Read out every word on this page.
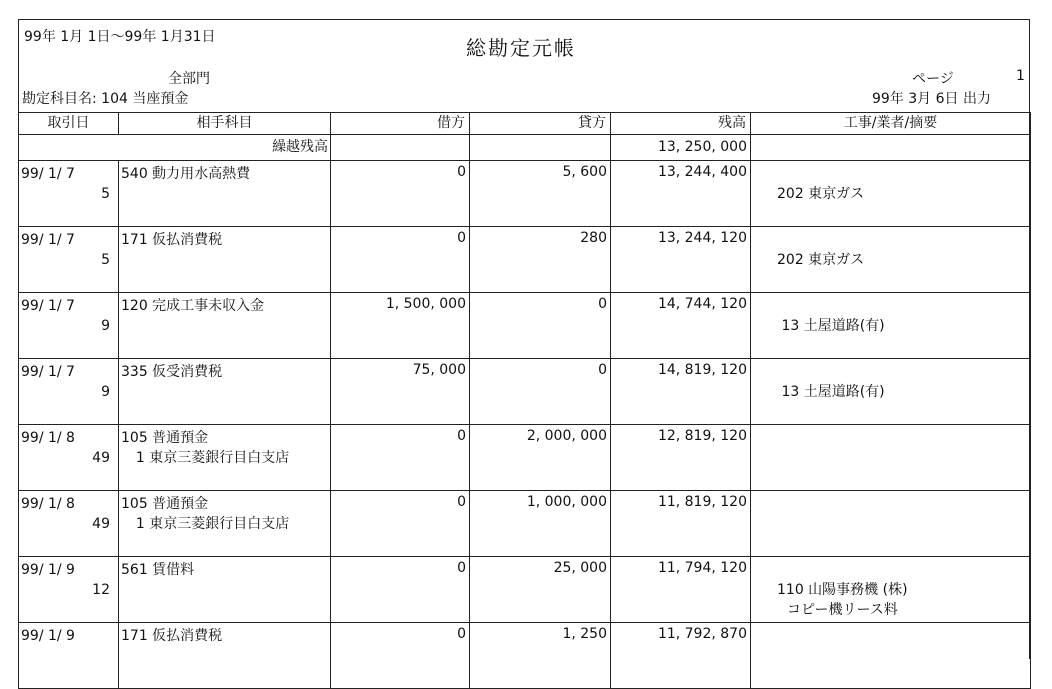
99年 1月 1日～99年 1月31日	総勘定元帳
全部門
勘定科目名: 104 当座預金
ページ	1
99年 3月 6日 出力
取引日	相手科目	借方	貸方	残高	工事/業者/摘要
繰越残高				13, 250, 000	

99/ 1/ 7
5	540 動力用水高熱費	0	5, 600	13, 244, 400	202 東京ガス

99/ 1/ 7
5	171 仮払消費税	0	280	13, 244, 120	202 東京ガス

99/ 1/ 7
9	120 完成工事未収入金	1, 500, 000	0	14, 744, 120	13 土屋道路(有)

99/ 1/ 7
9	335 仮受消費税	75, 000	0	14, 819, 120	13 土屋道路(有)

99/ 1/ 8
49	105 普通預金
1 東京三菱銀行目白支店	0	2, 000, 000	12, 819, 120	

99/ 1/ 8
49	105 普通預金
1 東京三菱銀行目白支店	0	1, 000, 000	11, 819, 120	

99/ 1/ 9
12	561 賃借料	0	25, 000	11, 794, 120	110 山陽事務機 (株)
コピー機リース料

99/ 1/ 9	171 仮払消費税	0	1, 250	11, 792, 870	
